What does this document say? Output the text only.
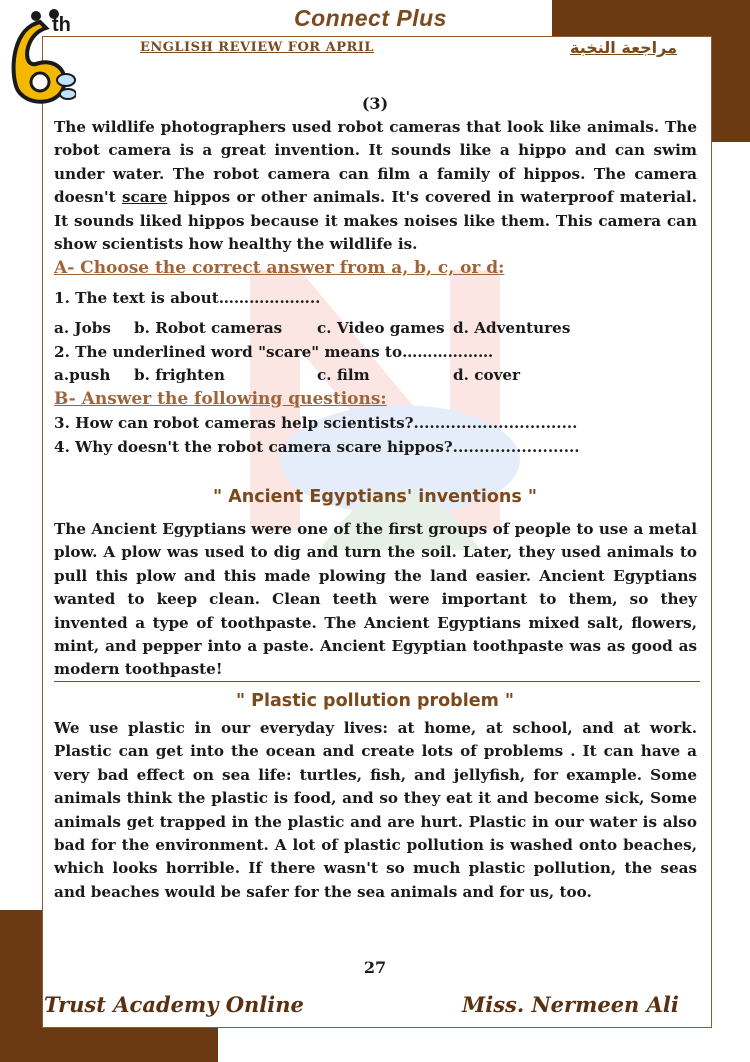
th	Connect Plus
ENGLISH REVIEW FOR APRIL	مراجعة النخبة
(3)

The wildlife photographers used robot cameras that look like animals. The robot camera is a great invention. It sounds like a hippo and can swim under water. The robot camera can film a family of hippos. The camera doesn't scare hippos or other animals. It's covered in waterproof material. It sounds liked hippos because it makes noises like them. This camera can show scientists how healthy the wildlife is.

A- Choose the correct answer from a, b, c, or d:
1. The text is about………………..
a. Jobs b. Robot cameras c. Video games d. Adventures
2. The underlined word "scare" means to………………
a.push b. frighten	c. film	d. cover
B- Answer the following questions:
3. How can robot cameras help scientists?...............................
4. Why doesn't the robot camera scare hippos?........................
" Ancient Egyptians' inventions "

The Ancient Egyptians were one of the first groups of people to use a metal plow. A plow was used to dig and turn the soil. Later, they used animals to pull this plow and this made plowing the land easier. Ancient Egyptians wanted to keep clean. Clean teeth were important to them, so they invented a type of toothpaste. The Ancient Egyptians mixed salt, flowers, mint, and pepper into a paste. Ancient Egyptian toothpaste was as good as modern toothpaste!

" Plastic pollution problem "

We use plastic in our everyday lives: at home, at school, and at work. Plastic can get into the ocean and create lots of problems . It can have a very bad effect on sea life: turtles, fish, and jellyfish, for example. Some animals think the plastic is food, and so they eat it and become sick, Some animals get trapped in the plastic and are hurt. Plastic in our water is also bad for the environment. A lot of plastic pollution is washed onto beaches, which looks horrible. If there wasn't so much plastic pollution, the seas and beaches would be safer for the sea animals and for us, too.

27
Trust Academy Online	Miss. Nermeen Ali
